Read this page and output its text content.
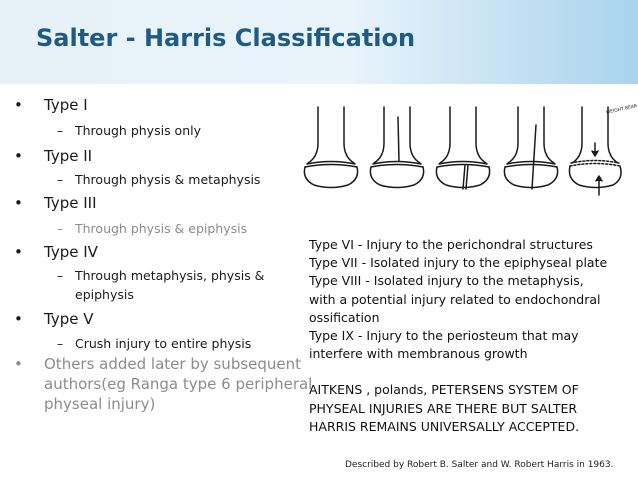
Salter - Harris Classification
• Type I
– Through physis only
• Type II
– Through physis & metaphysis
• Type III
– Through physis & epiphysis
• Type IV
– Through metaphysis, physis &
epiphysis
• Type V
– Crush injury to entire physis
• Others added later by subsequent
authors(eg Ranga type 6 peripheral
physeal injury)
WEIGHT BEAR
Type VI - Injury to the perichondral structures
Type VII - Isolated injury to the epiphyseal plate
Type VIII - Isolated injury to the metaphysis,
with a potential injury related to endochondral
ossification
Type IX - Injury to the periosteum that may
interfere with membranous growth
AITKENS , polands, PETERSENS SYSTEM OF
PHYSEAL INJURIES ARE THERE BUT SALTER
HARRIS REMAINS UNIVERSALLY ACCEPTED.
Described by Robert B. Salter and W. Robert Harris in 1963.
